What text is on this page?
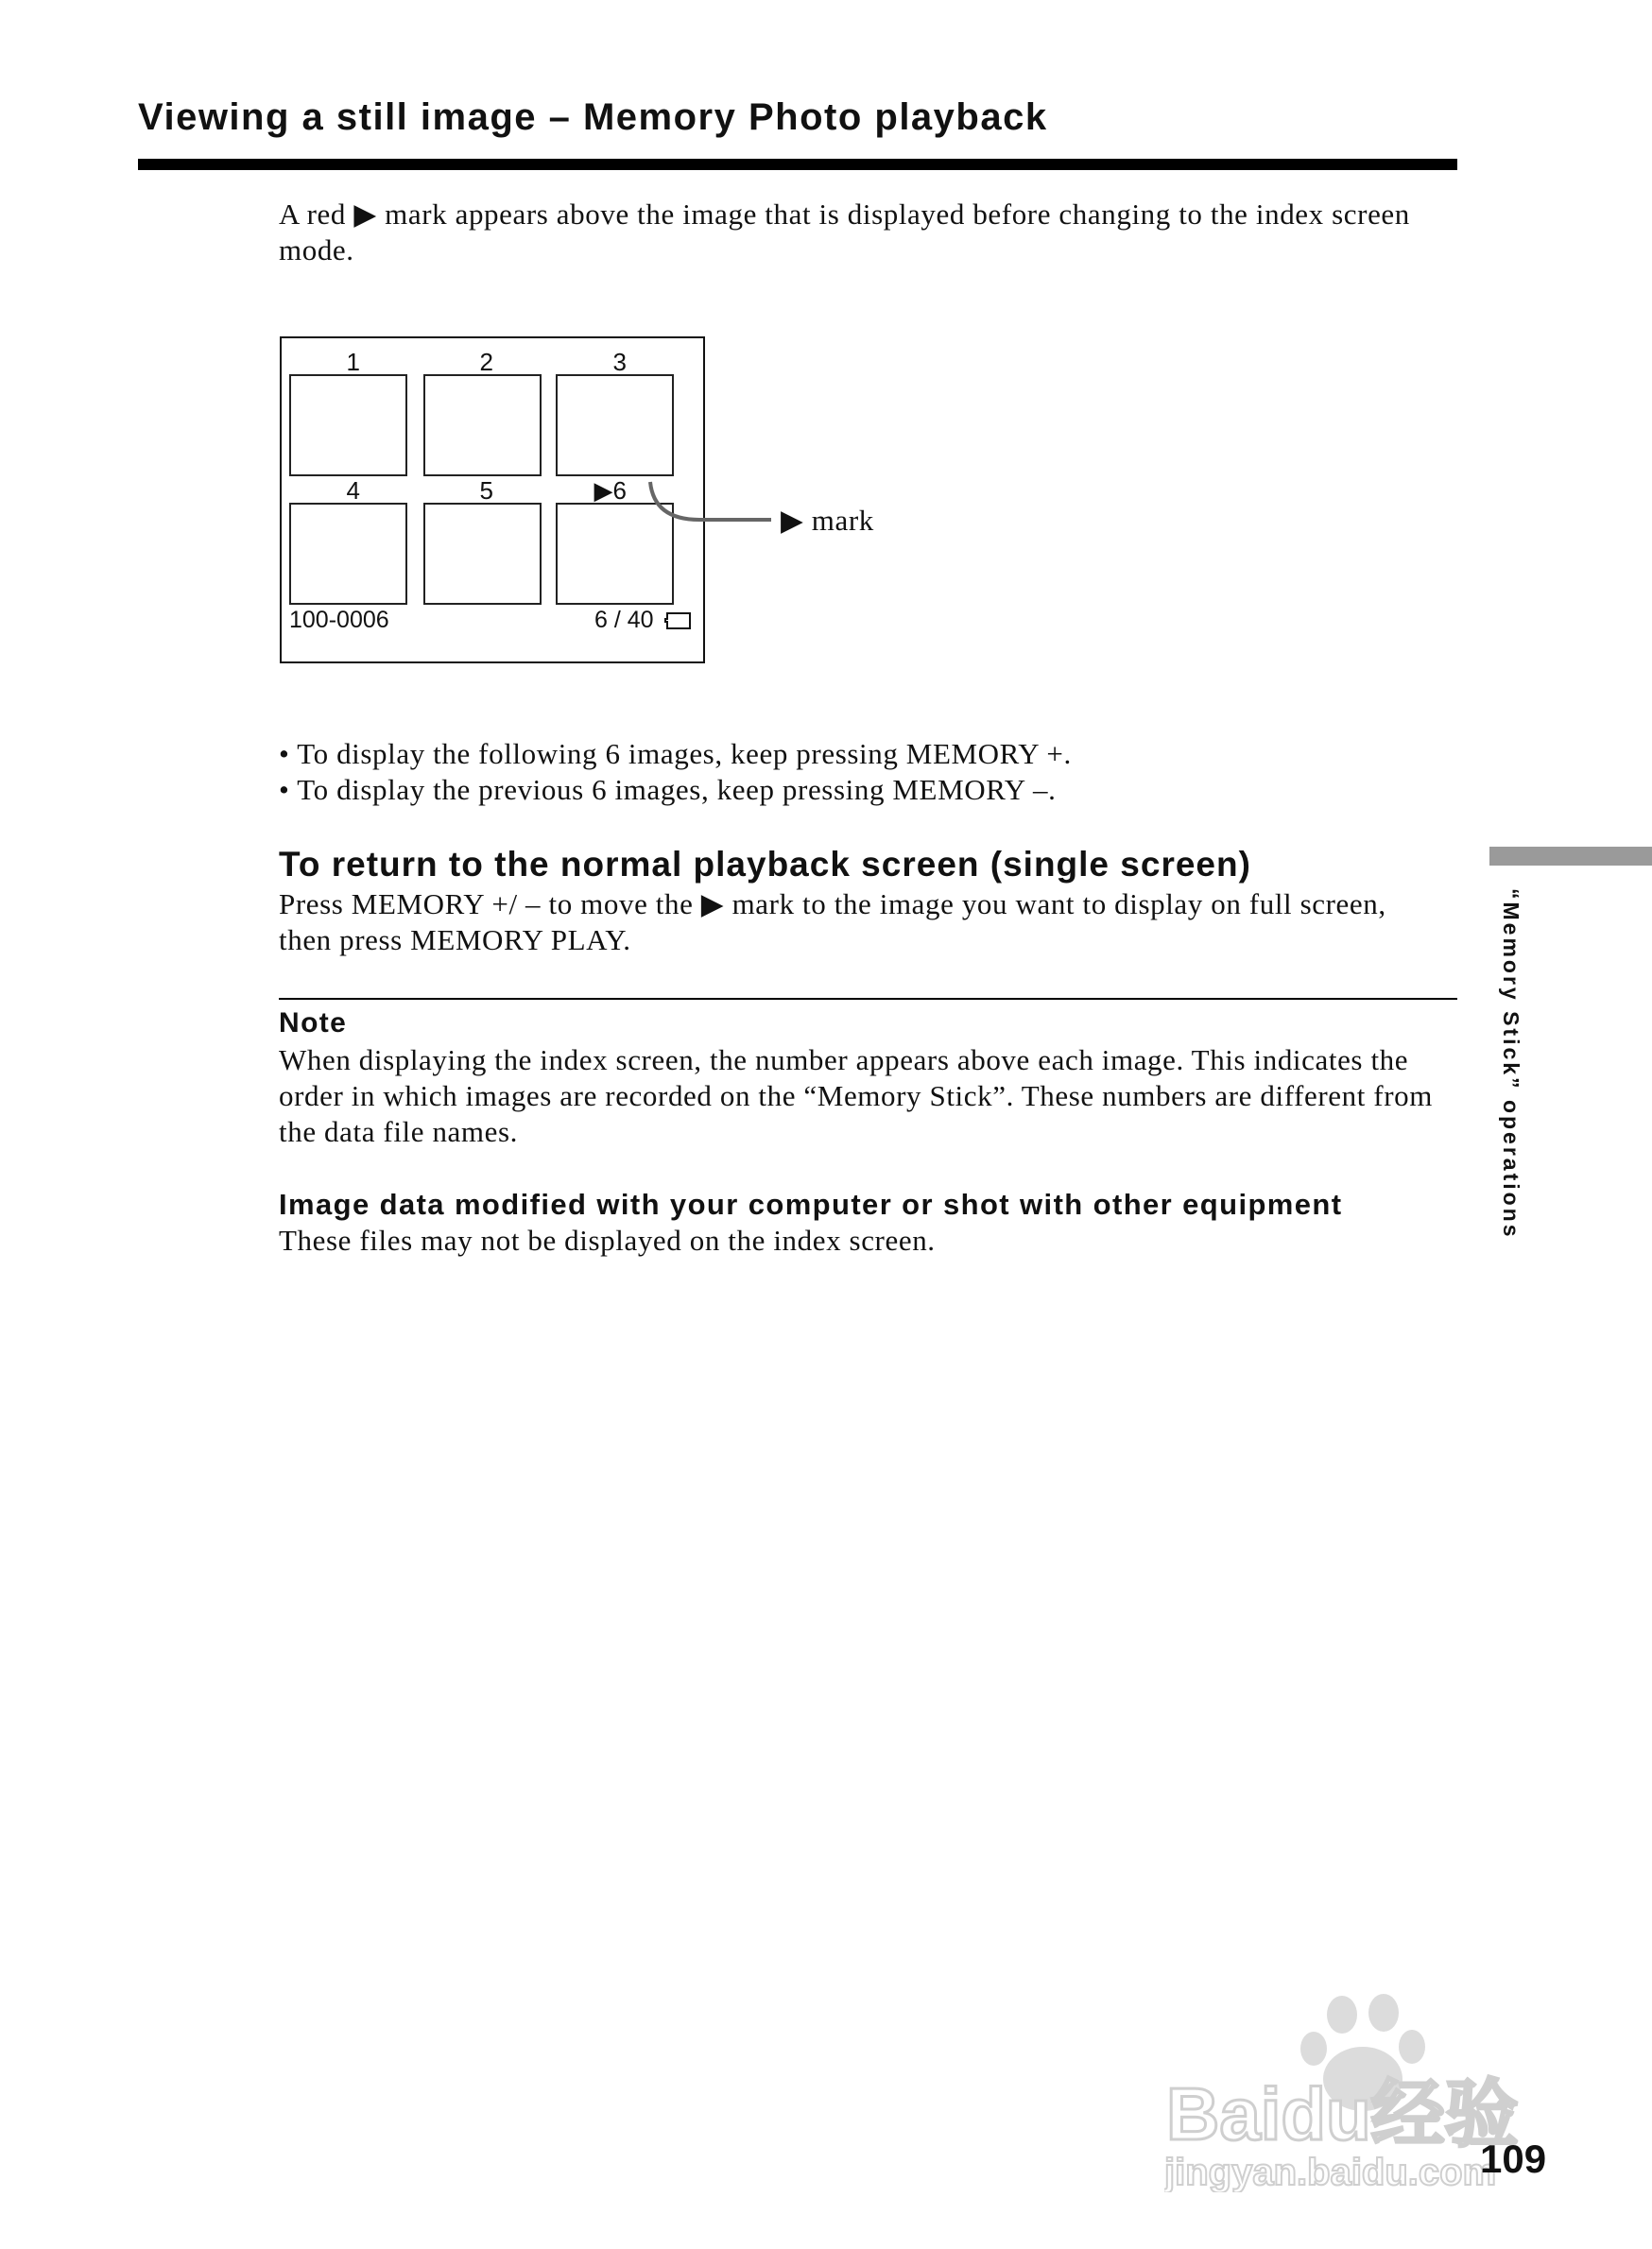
Viewing a still image – Memory Photo playback

A red ▶ mark appears above the image that is displayed before changing to the index screen mode.

1	2	3
4	5	▶6
100-0006	6 / 40
▶ mark

• To display the following 6 images, keep pressing MEMORY +.

• To display the previous 6 images, keep pressing MEMORY –.

To return to the normal playback screen (single screen)

Press MEMORY +/ – to move the ▶ mark to the image you want to display on full screen, then press MEMORY PLAY.

Note

When displaying the index screen, the number appears above each image. This indicates the order in which images are recorded on the “Memory Stick”. These numbers are different from the data file names.

Image data modified with your computer or shot with other equipment

These files may not be displayed on the index screen.

“Memory Stick” operations
Baidu经验
jingyan.baidu.com
109
